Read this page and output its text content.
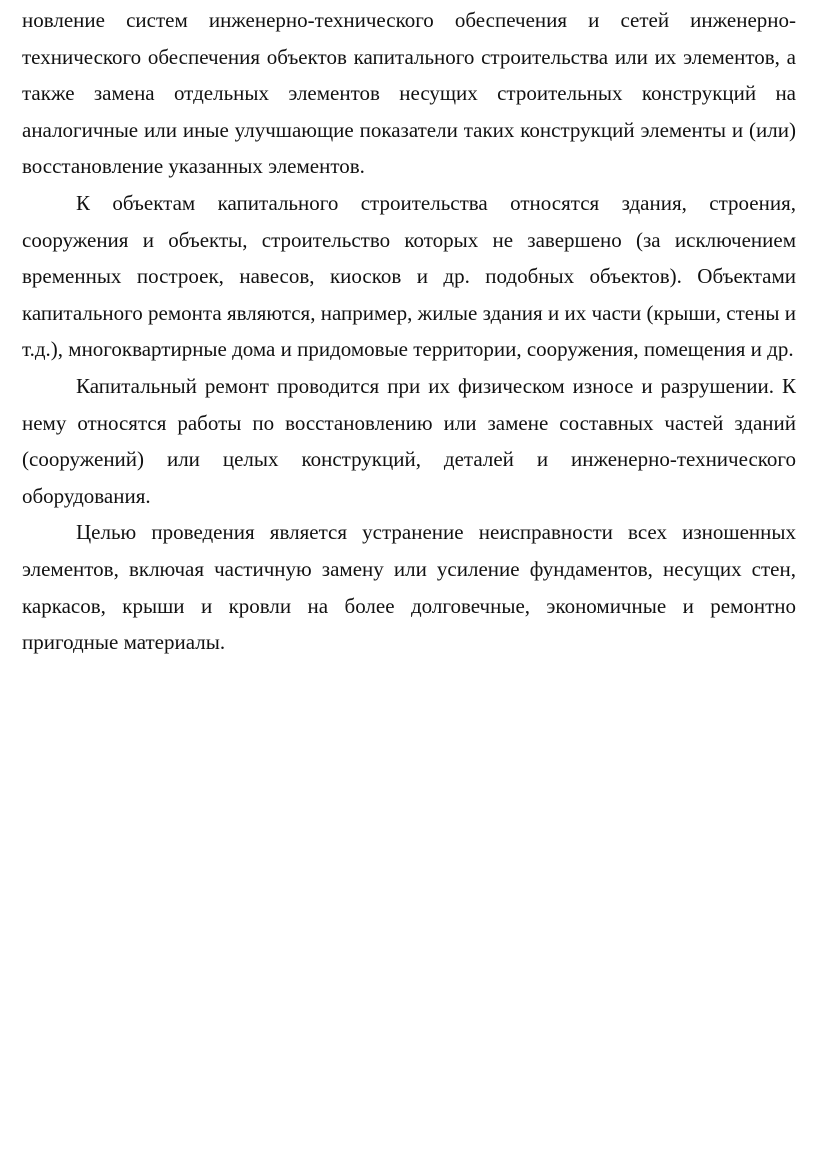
новление систем инженерно-технического обеспечения и сетей инженерно-технического обеспечения объектов капитального строительства или их элементов, а также замена отдельных элементов несущих строительных конструкций на аналогичные или иные улучшающие показатели таких конструкций элементы и (или) восстановление указанных элементов.

К объектам капитального строительства относятся здания, строения, сооружения и объекты, строительство которых не завершено (за исключением временных построек, навесов, киосков и др. подобных объектов). Объектами капитального ремонта являются, например, жилые здания и их части (крыши, стены и т.д.), многоквартирные дома и придомовые территории, сооружения, помещения и др.

Капитальный ремонт проводится при их физическом износе и разрушении. К нему относятся работы по восстановлению или замене составных частей зданий (сооружений) или целых конструкций, деталей и инженерно-технического оборудования.

Целью проведения является устранение неисправности всех изношенных элементов, включая частичную замену или усиление фундаментов, несущих стен, каркасов, крыши и кровли на более долговечные, экономичные и ремонтно пригодные материалы.
